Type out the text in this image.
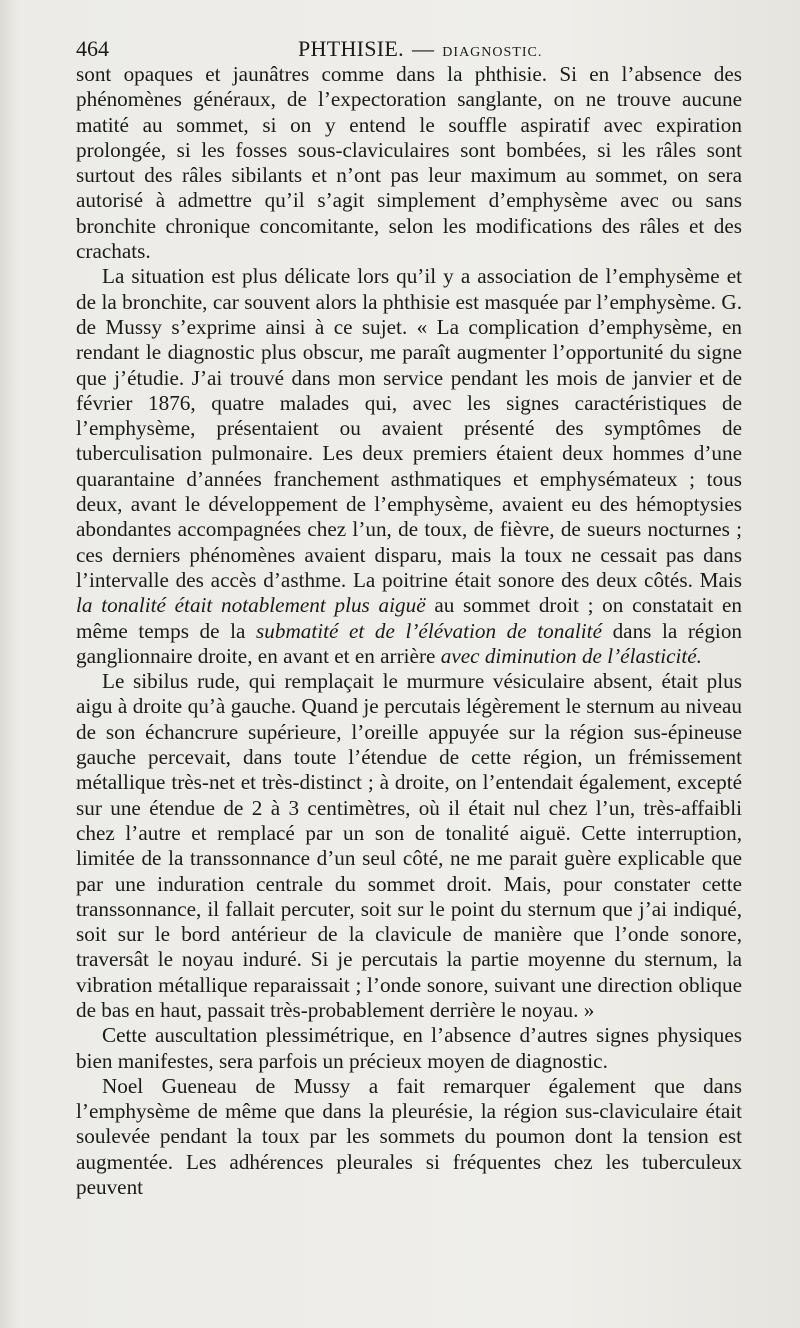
464	PHTHISIE. — DIAGNOSTIC.

sont opaques et jaunâtres comme dans la phthisie. Si en l’absence des phénomènes généraux, de l’expectoration sanglante, on ne trouve aucune matité au sommet, si on y entend le souffle aspiratif avec expiration prolongée, si les fosses sous-claviculaires sont bombées, si les râles sont surtout des râles sibilants et n’ont pas leur maximum au sommet, on sera autorisé à admettre qu’il s’agit simplement d’emphysème avec ou sans bronchite chronique concomitante, selon les modifications des râles et des crachats.

La situation est plus délicate lors qu’il y a association de l’emphysème et de la bronchite, car souvent alors la phthisie est masquée par l’emphysème. G. de Mussy s’exprime ainsi à ce sujet. « La complication d’emphysème, en rendant le diagnostic plus obscur, me paraît augmenter l’opportunité du signe que j’étudie. J’ai trouvé dans mon service pendant les mois de janvier et de février 1876, quatre malades qui, avec les signes caractéristiques de l’emphysème, présentaient ou avaient présenté des symptômes de tuberculisation pulmonaire. Les deux premiers étaient deux hommes d’une quarantaine d’années franchement asthmatiques et emphysémateux ; tous deux, avant le développement de l’emphysème, avaient eu des hémoptysies abondantes accompagnées chez l’un, de toux, de fièvre, de sueurs nocturnes ; ces derniers phénomènes avaient disparu, mais la toux ne cessait pas dans l’intervalle des accès d’asthme. La poitrine était sonore des deux côtés. Mais la tonalité était notablement plus aiguë au sommet droit ; on constatait en même temps de la submatité et de l’élévation de tonalité dans la région ganglionnaire droite, en avant et en arrière avec diminution de l’élasticité.

Le sibilus rude, qui remplaçait le murmure vésiculaire absent, était plus aigu à droite qu’à gauche. Quand je percutais légèrement le sternum au niveau de son échancrure supérieure, l’oreille appuyée sur la région sus-épineuse gauche percevait, dans toute l’étendue de cette région, un frémissement métallique très-net et très-distinct ; à droite, on l’entendait également, excepté sur une étendue de 2 à 3 centimètres, où il était nul chez l’un, très-affaibli chez l’autre et remplacé par un son de tonalité aiguë. Cette interruption, limitée de la transsonnance d’un seul côté, ne me parait guère explicable que par une induration centrale du sommet droit. Mais, pour constater cette transsonnance, il fallait percuter, soit sur le point du sternum que j’ai indiqué, soit sur le bord antérieur de la clavicule de manière que l’onde sonore, traversât le noyau induré. Si je percutais la partie moyenne du sternum, la vibration métallique reparaissait ; l’onde sonore, suivant une direction oblique de bas en haut, passait très-probablement derrière le noyau. »

Cette auscultation plessimétrique, en l’absence d’autres signes physiques bien manifestes, sera parfois un précieux moyen de diagnostic.

Noel Gueneau de Mussy a fait remarquer également que dans l’emphysème de même que dans la pleurésie, la région sus-claviculaire était soulevée pendant la toux par les sommets du poumon dont la tension est augmentée. Les adhérences pleurales si fréquentes chez les tuberculeux peuvent
